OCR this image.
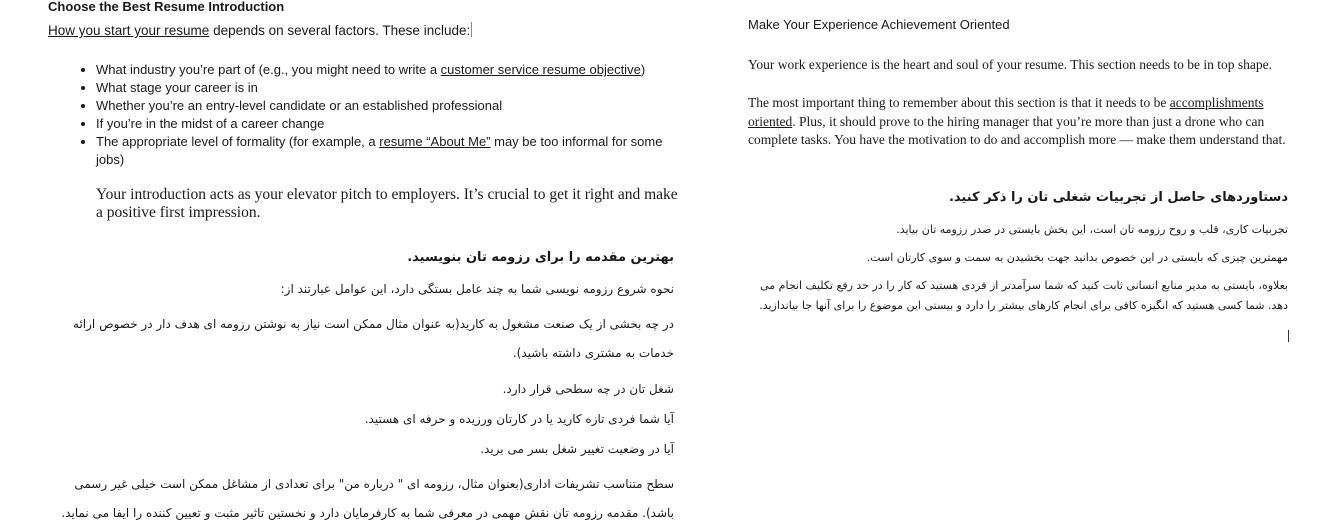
Choose the Best Resume Introduction
How you start your resume depends on several factors. These include:
• What industry you’re part of (e.g., you might need to write a customer service resume objective)
• What stage your career is in
• Whether you’re an entry-level candidate or an established professional
• If you’re in the midst of a career change
• The appropriate level of formality (for example, a resume “About Me” may be too informal for some jobs)

Your introduction acts as your elevator pitch to employers. It’s crucial to get it right and make a positive first impression.

بهترین مقدمه را برای رزومه تان بنویسید.

نحوه شروع رزومه نویسی شما به چند عامل بستگی دارد، این عوامل عبارتند از:

در چه بخشی از یک صنعت مشغول به کارید(به عنوان مثال ممکن است نیاز به نوشتن رزومه ای هدف دار در خصوص ارائه خدمات به مشتری داشته باشید).

شغل تان در چه سطحی قرار دارد.

آیا شما فردی تازه کارید یا در کارتان ورزیده و حرفه ای هستید.

آیا در وضعیت تغییر شغل بسر می برید.

سطح متناسب تشریفات اداری(بعنوان مثال، رزومه ای " درباره من" برای تعدادی از مشاغل ممکن است خیلی غیر رسمی باشد). مقدمه رزومه تان نقش مهمی در معرفی شما به کارفرمایان دارد و نخستین تاثیر مثبت و تعیین کننده را ایفا می نماید.

Make Your Experience Achievement Oriented

Your work experience is the heart and soul of your resume. This section needs to be in top shape.

The most important thing to remember about this section is that it needs to be accomplishments oriented. Plus, it should prove to the hiring manager that you’re more than just a drone who can complete tasks. You have the motivation to do and accomplish more — make them understand that.

دستاوردهای حاصل از تجربیات شغلی تان را ذکر کنید.

تجربیات کاری، قلب و روح رزومه تان است، این بخش بایستی در صدر رزومه تان بیاید.

مهمترین چیزی که بایستی در این خصوص بدانید جهت بخشیدن به سمت و سوی کارتان است.

بعلاوه، بایستی به مدیر منابع انسانی ثابت کنید که شما سرآمدتر از فردی هستید که کار را در حد رفع تکلیف انجام می دهد. شما کسی هستید که انگیزه کافی برای انجام کارهای بیشتر را دارد و بیستی این موضوع را برای آنها جا بیاندازید.
